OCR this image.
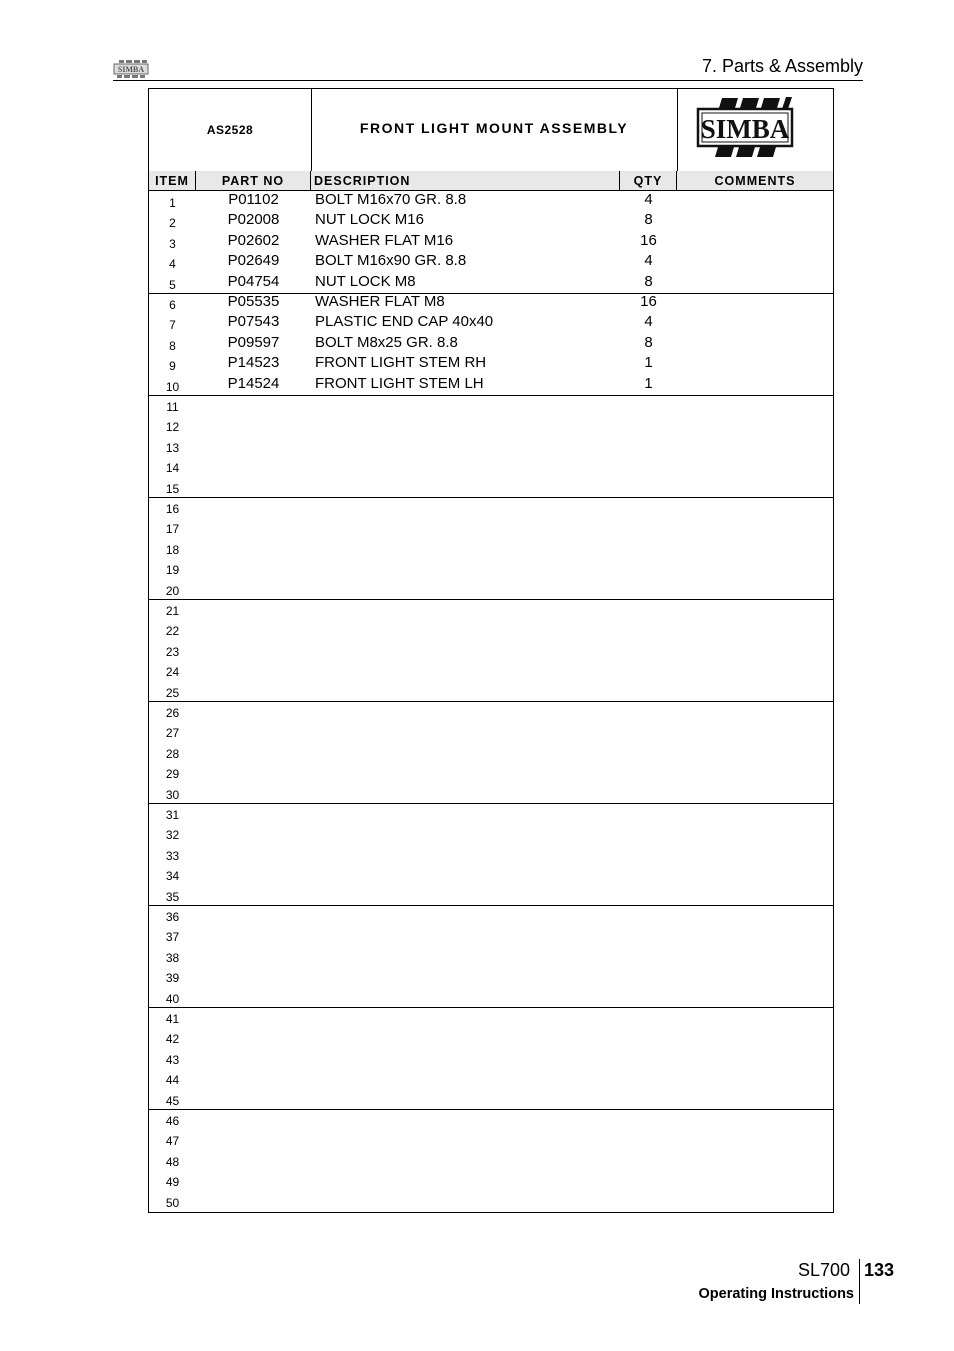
SIMBA	7. Parts & Assembly
AS2528	FRONT LIGHT MOUNT ASSEMBLY	SIMBA
ITEM	PART NO	DESCRIPTION	QTY	COMMENTS
1	P01102	BOLT M16x70 GR. 8.8	4
2	P02008	NUT LOCK M16	8
3	P02602	WASHER FLAT M16	16
4	P02649	BOLT M16x90 GR. 8.8	4
5	P04754	NUT LOCK M8	8
6	P05535	WASHER FLAT M8	16
7	P07543	PLASTIC END CAP 40x40	4
8	P09597	BOLT M8x25 GR. 8.8	8
9	P14523	FRONT LIGHT STEM RH	1
10	P14524	FRONT LIGHT STEM LH	1
11
12
13
14
15
16
17
18
19
20
21
22
23
24
25
26
27
28
29
30
31
32
33
34
35
36
37
38
39
40
41
42
43
44
45
46
47
48
49
50
SL700 133
Operating Instructions
